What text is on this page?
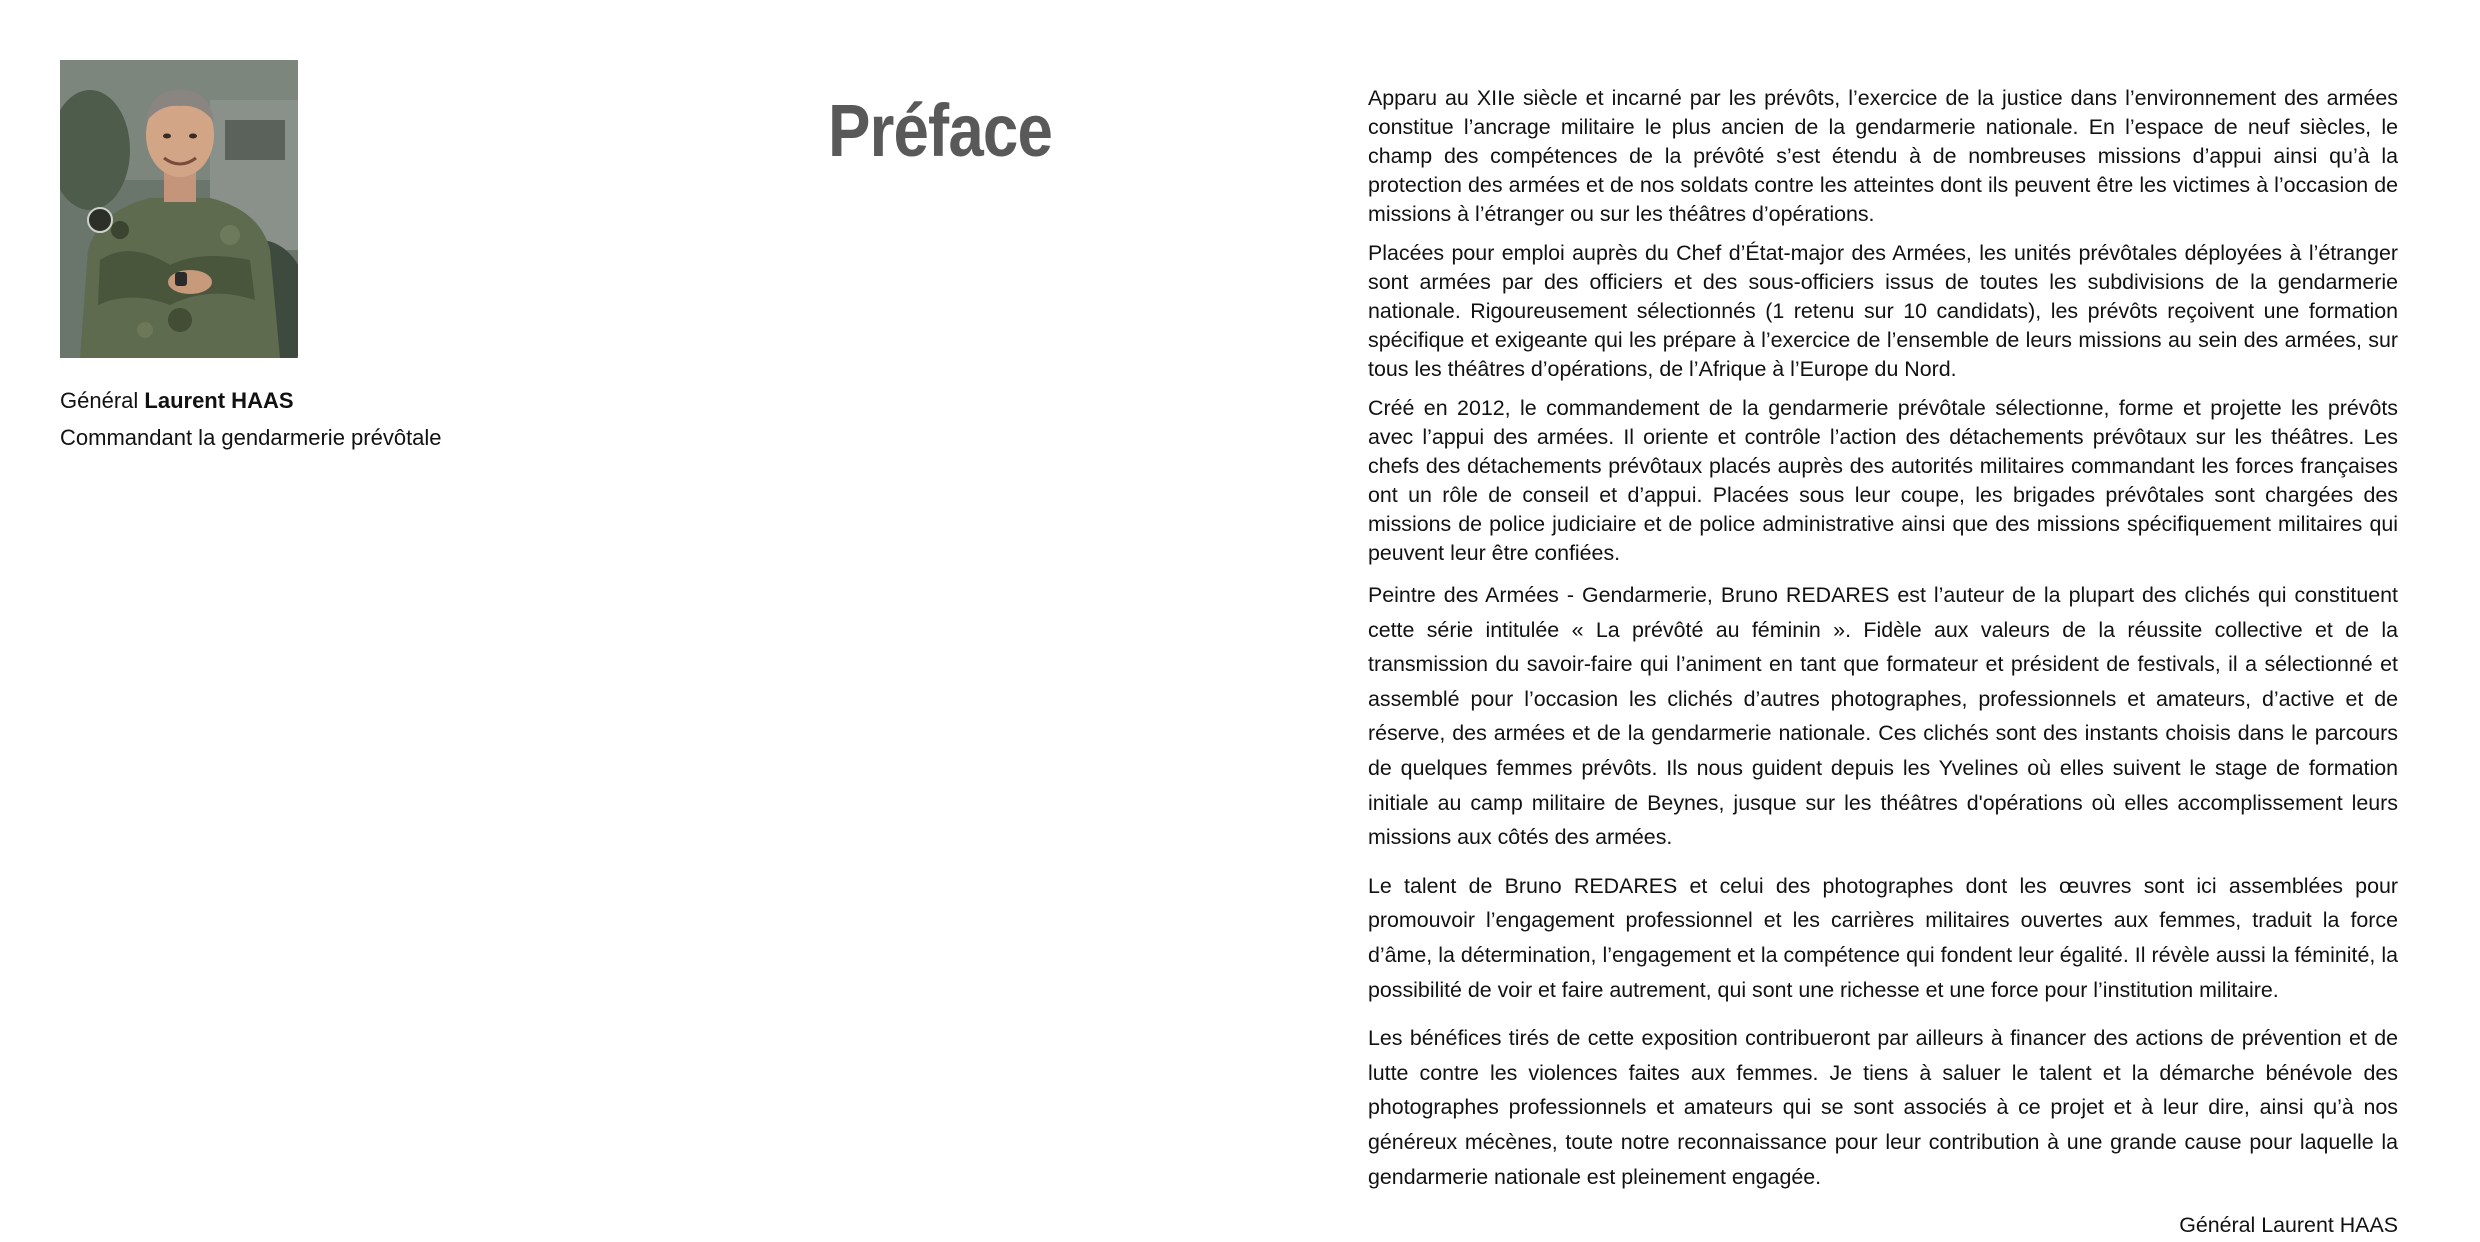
Général Laurent HAAS
Commandant la gendarmerie prévôtale
Préface	Apparu au XIIe siècle et incarné par les prévôts, l’exercice de la justice dans l’environnement des armées constitue l’ancrage militaire le plus ancien de la gendarmerie nationale. En l’espace de neuf siècles, le champ des compétences de la prévôté s’est étendu à de nombreuses missions d’appui ainsi qu’à la protection des armées et de nos soldats contre les atteintes dont ils peuvent être les victimes à l’occasion de missions à l’étranger ou sur les théâtres d’opérations.

Placées pour emploi auprès du Chef d’État-major des Armées, les unités prévôtales déployées à l’étranger sont armées par des officiers et des sous-officiers issus de toutes les subdivisions de la gendarmerie nationale. Rigoureusement sélectionnés (1 retenu sur 10 candidats), les prévôts reçoivent une formation spécifique et exigeante qui les prépare à l’exercice de l’ensemble de leurs missions au sein des armées, sur tous les théâtres d’opérations, de l’Afrique à l’Europe du Nord.

Créé en 2012, le commandement de la gendarmerie prévôtale sélectionne, forme et projette les prévôts avec l’appui des armées. Il oriente et contrôle l’action des détachements prévôtaux sur les théâtres. Les chefs des détachements prévôtaux placés auprès des autorités militaires commandant les forces françaises ont un rôle de conseil et d’appui. Placées sous leur coupe, les brigades prévôtales sont chargées des missions de police judiciaire et de police administrative ainsi que des missions spécifiquement militaires qui peuvent leur être confiées.

Peintre des Armées - Gendarmerie, Bruno REDARES est l’auteur de la plupart des clichés qui constituent cette série intitulée « La prévôté au féminin ». Fidèle aux valeurs de la réussite collective et de la transmission du savoir-faire qui l’animent en tant que formateur et président de festivals, il a sélectionné et assemblé pour l’occasion les clichés d’autres photographes, professionnels et amateurs, d’active et de réserve, des armées et de la gendarmerie nationale. Ces clichés sont des instants choisis dans le parcours de quelques femmes prévôts. Ils nous guident depuis les Yvelines où elles suivent le stage de formation initiale au camp militaire de Beynes, jusque sur les théâtres d'opérations où elles accomplissement leurs missions aux côtés des armées.

Le talent de Bruno REDARES et celui des photographes dont les œuvres sont ici assemblées pour promouvoir l’engagement professionnel et les carrières militaires ouvertes aux femmes, traduit la force d’âme, la détermination, l’engagement et la compétence qui fondent leur égalité. Il révèle aussi la féminité, la possibilité de voir et faire autrement, qui sont une richesse et une force pour l’institution militaire.

Les bénéfices tirés de cette exposition contribueront par ailleurs à financer des actions de prévention et de lutte contre les violences faites aux femmes. Je tiens à saluer le talent et la démarche bénévole des photographes professionnels et amateurs qui se sont associés à ce projet et à leur dire, ainsi qu’à nos généreux mécènes, toute notre reconnaissance pour leur contribution à une grande cause pour laquelle la gendarmerie nationale est pleinement engagée.

Général Laurent HAAS
